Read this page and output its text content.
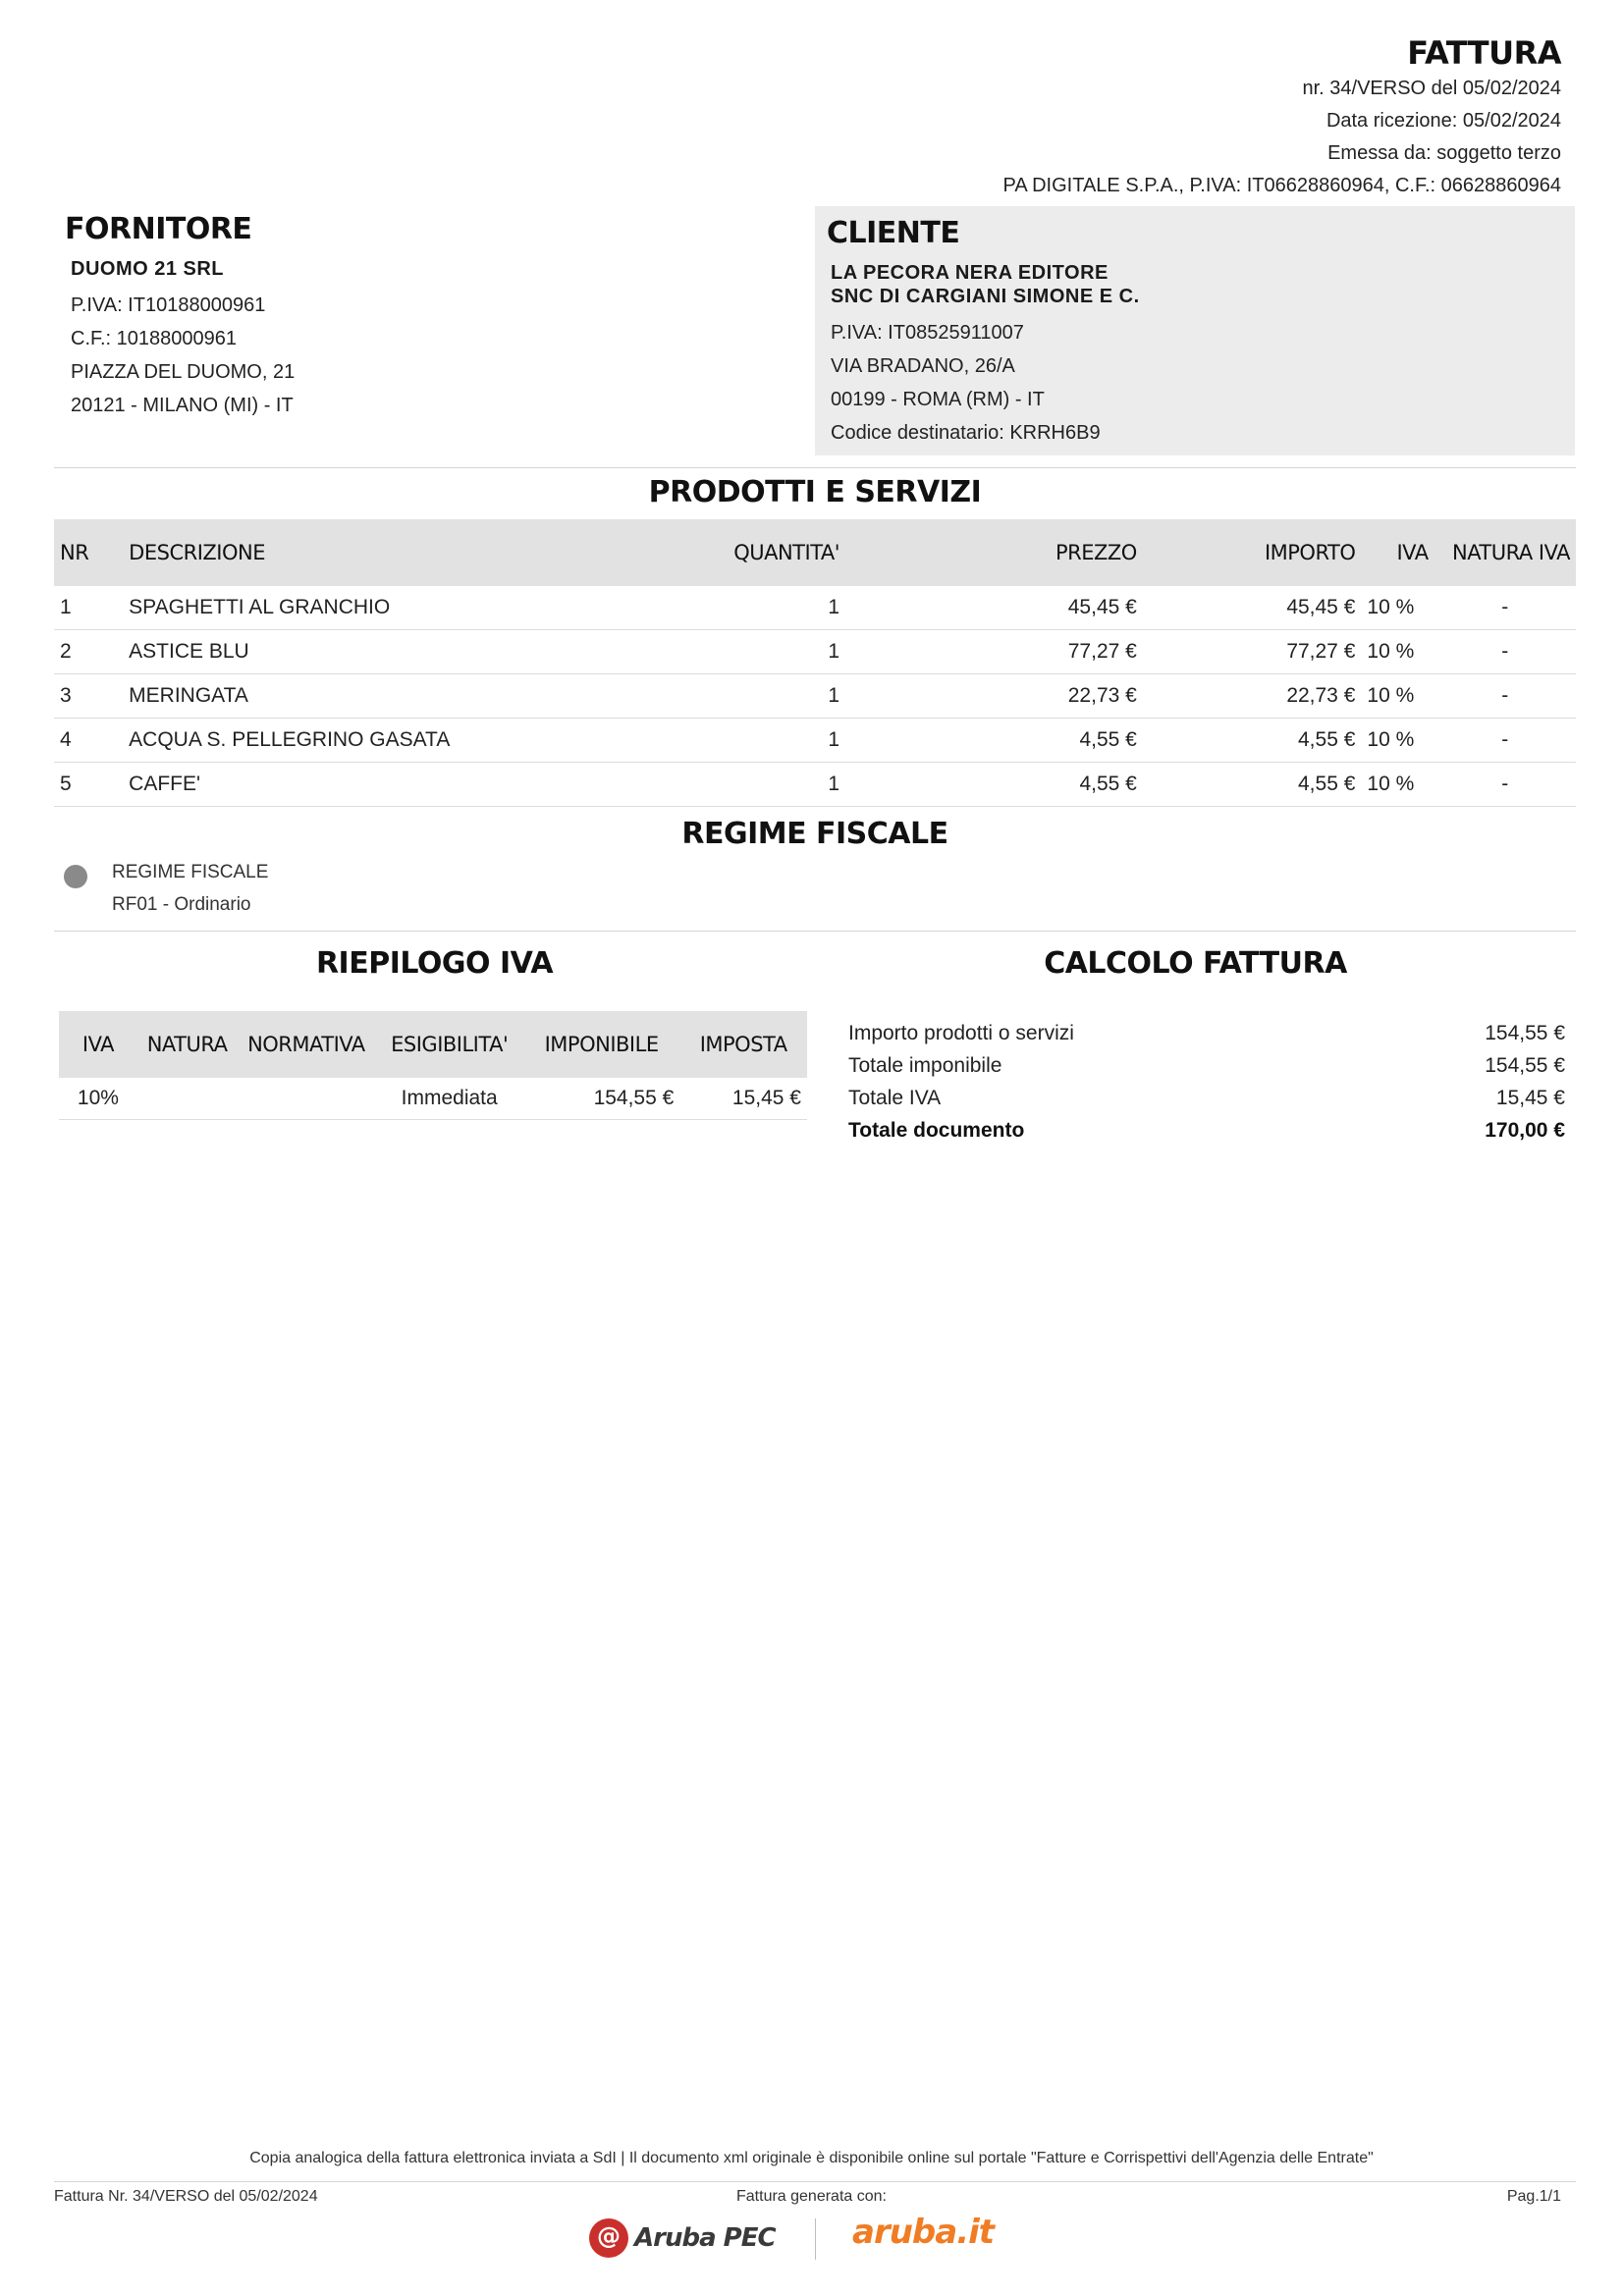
FATTURA
nr. 34/VERSO del 05/02/2024
Data ricezione: 05/02/2024
Emessa da: soggetto terzo
PA DIGITALE S.P.A., P.IVA: IT06628860964, C.F.: 06628860964
FORNITORE
DUOMO 21 SRL
P.IVA: IT10188000961
C.F.: 10188000961
PIAZZA DEL DUOMO, 21
20121 - MILANO (MI) - IT
CLIENTE
LA PECORA NERA EDITORE
SNC DI CARGIANI SIMONE E C.
P.IVA: IT08525911007
VIA BRADANO, 26/A
00199 - ROMA (RM) - IT
Codice destinatario: KRRH6B9
PRODOTTI E SERVIZI
NR	DESCRIZIONE	QUANTITA'	PREZZO	IMPORTO	IVA	NATURA IVA
1	SPAGHETTI AL GRANCHIO	1	45,45 €	45,45 €	10 %	-
2	ASTICE BLU	1	77,27 €	77,27 €	10 %	-
3	MERINGATA	1	22,73 €	22,73 €	10 %	-
4	ACQUA S. PELLEGRINO GASATA	1	4,55 €	4,55 €	10 %	-
5	CAFFE'	1	4,55 €	4,55 €	10 %	-
REGIME FISCALE
REGIME FISCALE
RF01 - Ordinario
RIEPILOGO IVA
IVA	NATURA	NORMATIVA	ESIGIBILITA'	IMPONIBILE	IMPOSTA
10%			Immediata	154,55 €	15,45 €
CALCOLO FATTURA
Importo prodotti o servizi	154,55 €
Totale imponibile	154,55 €
Totale IVA	15,45 €
Totale documento	170,00 €
Copia analogica della fattura elettronica inviata a SdI | Il documento xml originale è disponibile online sul portale "Fatture e Corrispettivi dell'Agenzia delle Entrate"
Fattura Nr. 34/VERSO del 05/02/2024	Fattura generata con:	Pag.1/1
@
Aruba PEC aruba.it
